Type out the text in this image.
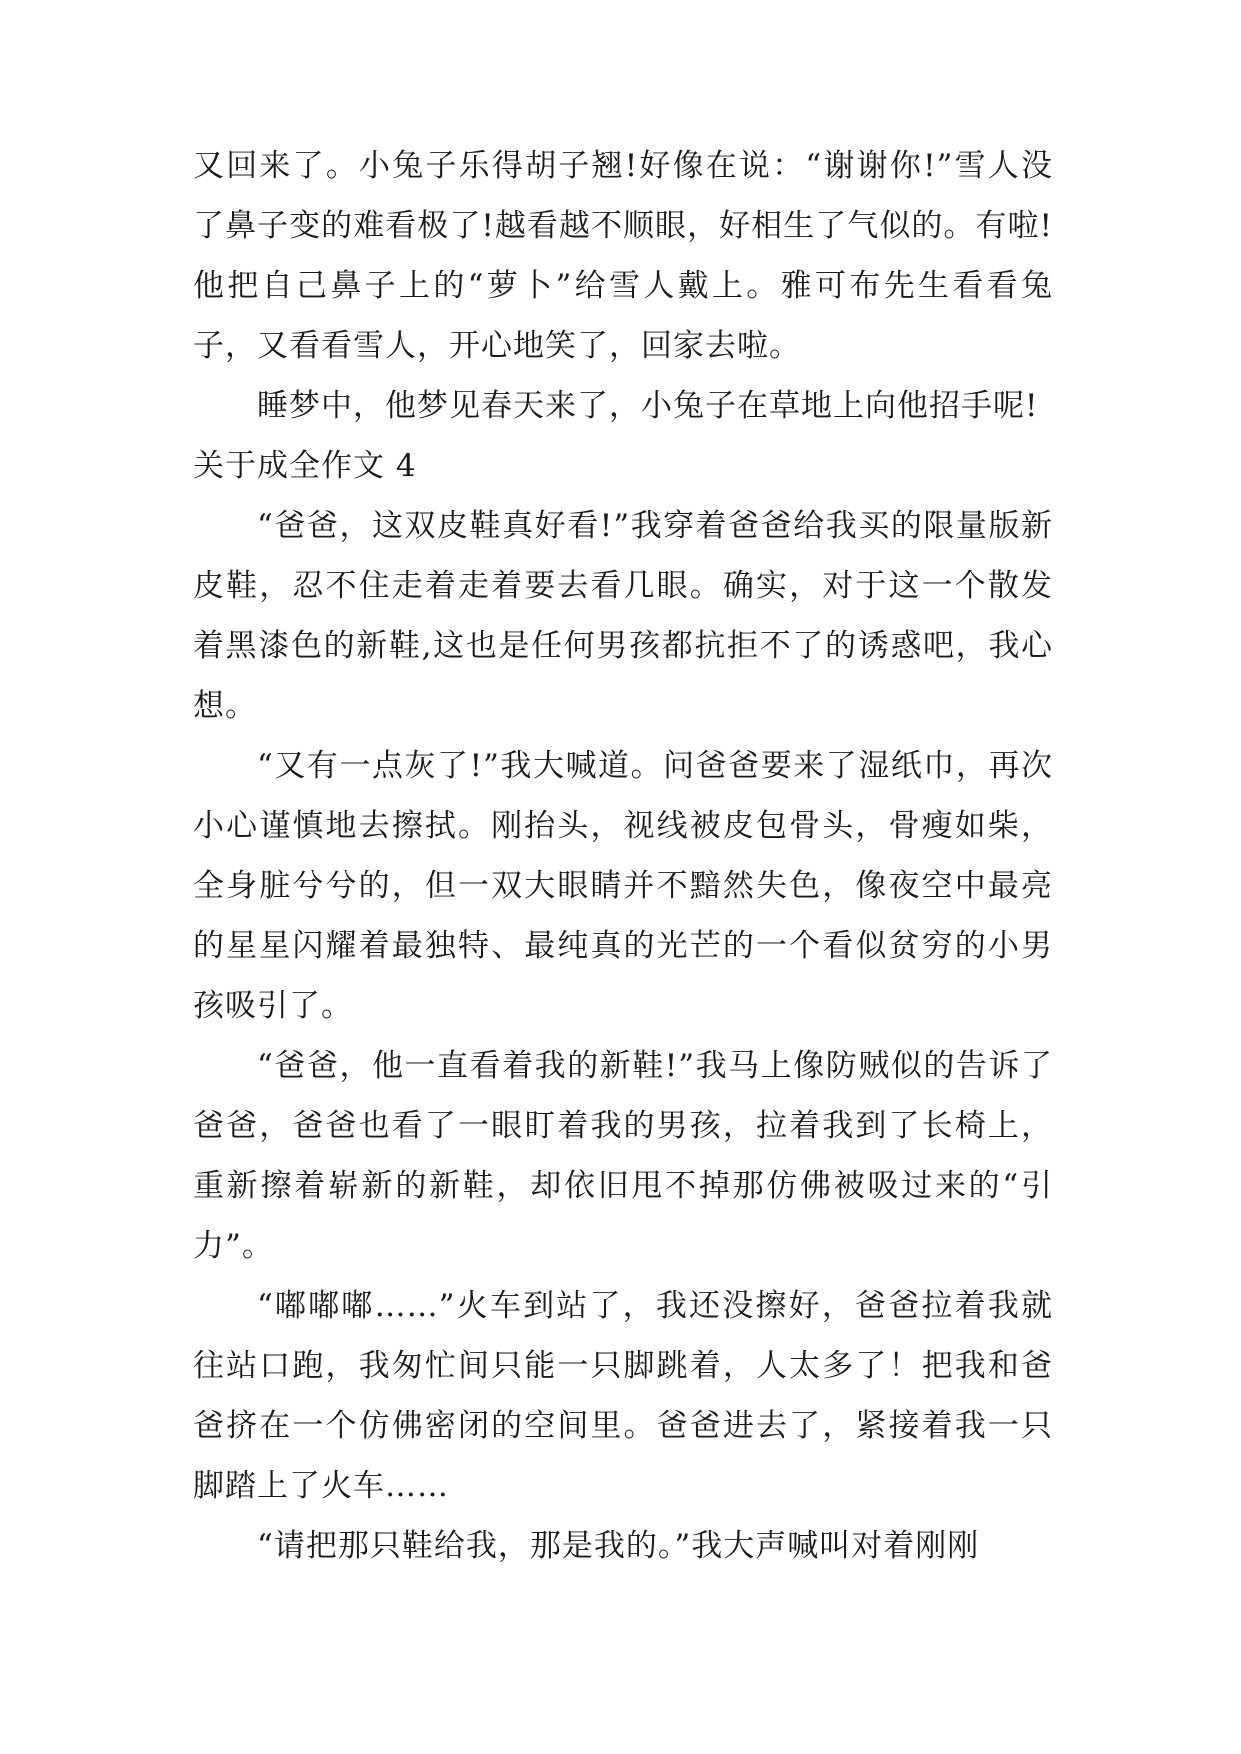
又回来了。小兔子乐得胡子翘!好像在说：“谢谢你!”雪人没了鼻子变的难看极了!越看越不顺眼，好相生了气似的。有啦!他把自己鼻子上的“萝卜”给雪人戴上。雅可布先生看看兔子，又看看雪人，开心地笑了，回家去啦。

睡梦中，他梦见春天来了，小兔子在草地上向他招手呢!

关于成全作文 4

“爸爸，这双皮鞋真好看!”我穿着爸爸给我买的限量版新皮鞋，忍不住走着走着要去看几眼。确实，对于这一个散发着黑漆色的新鞋,这也是任何男孩都抗拒不了的诱惑吧，我心想。

“又有一点灰了!”我大喊道。问爸爸要来了湿纸巾，再次小心谨慎地去擦拭。刚抬头，视线被皮包骨头，骨瘦如柴，全身脏兮兮的，但一双大眼睛并不黯然失色，像夜空中最亮的星星闪耀着最独特、最纯真的光芒的一个看似贫穷的小男孩吸引了。

“爸爸，他一直看着我的新鞋!”我马上像防贼似的告诉了爸爸，爸爸也看了一眼盯着我的男孩，拉着我到了长椅上，重新擦着崭新的新鞋，却依旧甩不掉那仿佛被吸过来的“引力”。

“嘟嘟嘟……”火车到站了，我还没擦好，爸爸拉着我就往站口跑，我匆忙间只能一只脚跳着，人太多了！把我和爸爸挤在一个仿佛密闭的空间里。爸爸进去了，紧接着我一只脚踏上了火车……

“请把那只鞋给我，那是我的。”我大声喊叫对着刚刚
